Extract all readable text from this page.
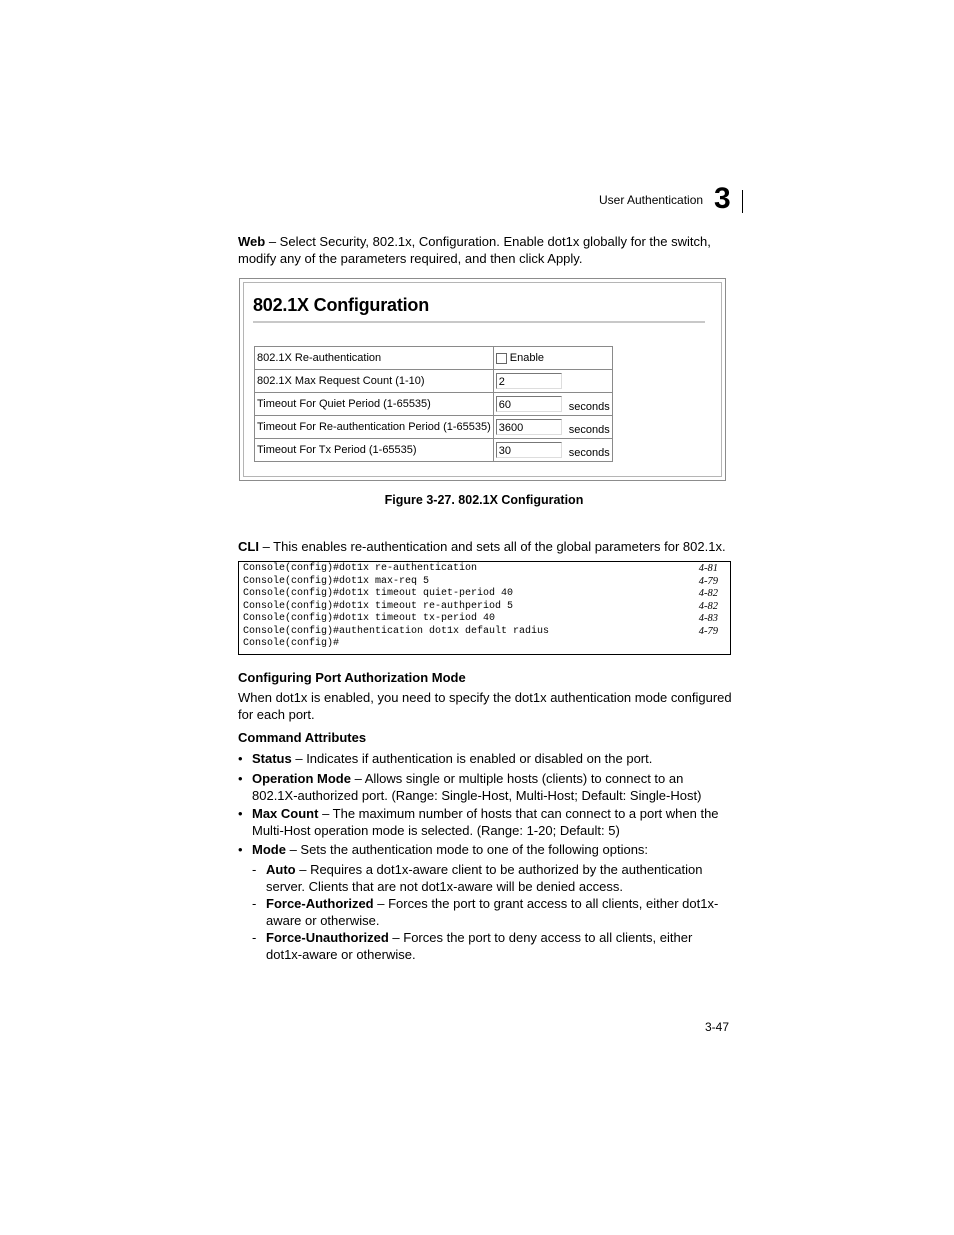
User Authentication 3

Web – Select Security, 802.1x, Configuration. Enable dot1x globally for the switch, modify any of the parameters required, and then click Apply.

802.1X Configuration
802.1X Re-authentication	Enable
802.1X Max Request Count (1-10)	2
Timeout For Quiet Period (1-65535)	60 seconds

Timeout For Re-authentication Period (1-65535)	3600 seconds

Timeout For Tx Period (1-65535)	30 seconds
Figure 3-27. 802.1X Configuration

CLI – This enables re-authentication and sets all of the global parameters for 802.1x.

Console(config)#dot1x re-authentication	4-81
Console(config)#dot1x max-req 5	4-79
Console(config)#dot1x timeout quiet-period 40	4-82
Console(config)#dot1x timeout re-authperiod 5	4-82
Console(config)#dot1x timeout tx-period 40	4-83
Console(config)#authentication dot1x default radius	4-79
Console(config)#
Configuring Port Authorization Mode

When dot1x is enabled, you need to specify the dot1x authentication mode configured for each port.

Command Attributes
• Status – Indicates if authentication is enabled or disabled on the port.
• Operation Mode – Allows single or multiple hosts (clients) to connect to an 802.1X-authorized port. (Range: Single-Host, Multi-Host; Default: Single-Host)
• Max Count – The maximum number of hosts that can connect to a port when the Multi-Host operation mode is selected. (Range: 1-20; Default: 5)
• Mode – Sets the authentication mode to one of the following options:
- Auto – Requires a dot1x-aware client to be authorized by the authentication server. Clients that are not dot1x-aware will be denied access.
- Force-Authorized – Forces the port to grant access to all clients, either dot1x-aware or otherwise.
- Force-Unauthorized – Forces the port to deny access to all clients, either dot1x-aware or otherwise.
3-47
